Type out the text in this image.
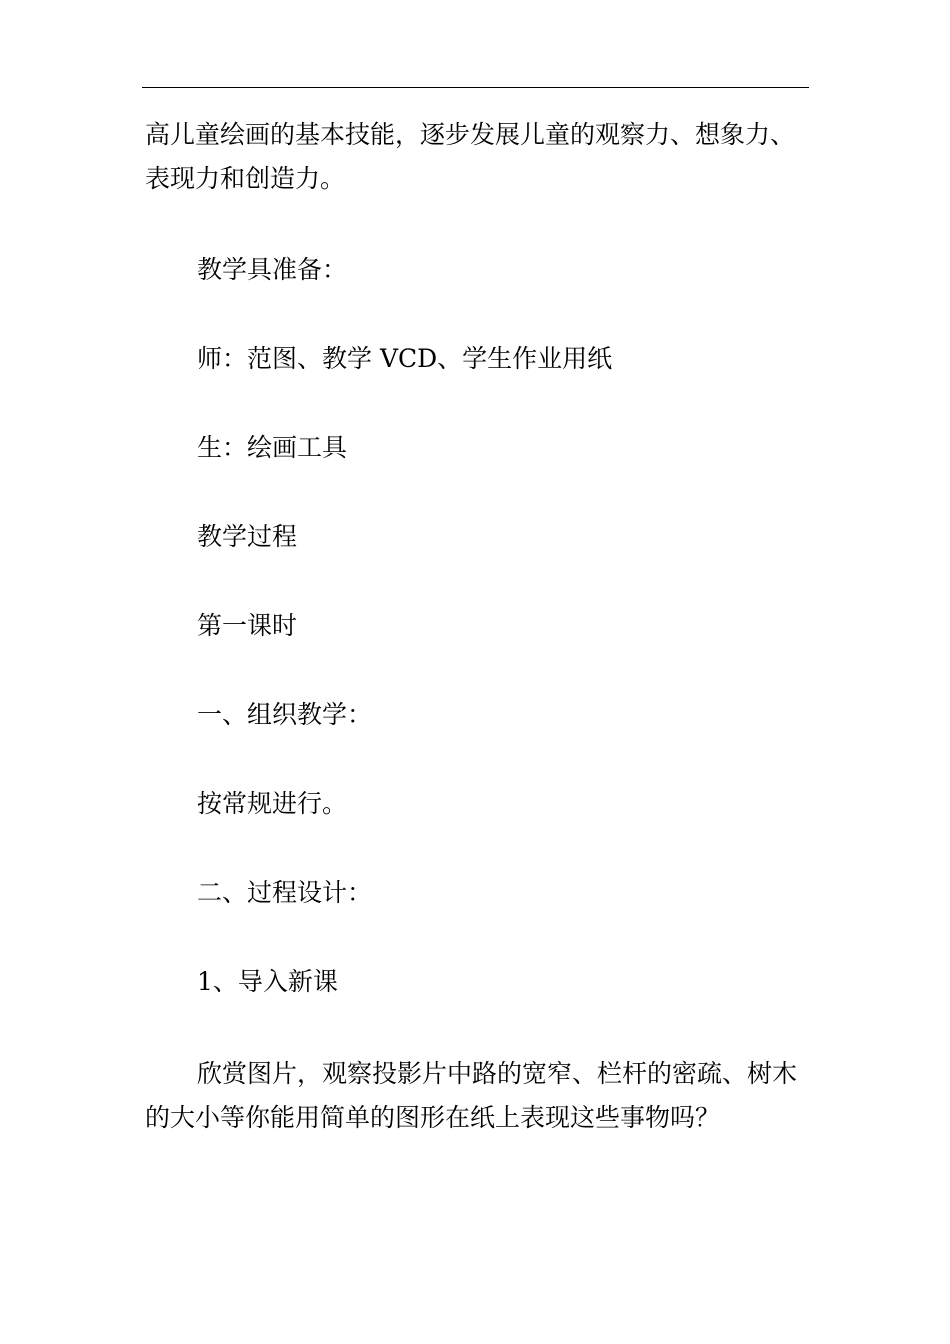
高儿童绘画的基本技能，逐步发展儿童的观察力、想象力、
表现力和创造力。

教学具准备：

师：范图、教学 VCD、学生作业用纸

生：绘画工具

教学过程

第一课时

一、组织教学：

按常规进行。

二、过程设计：

1、导入新课

欣赏图片，观察投影片中路的宽窄、栏杆的密疏、树木
的大小等你能用简单的图形在纸上表现这些事物吗？
